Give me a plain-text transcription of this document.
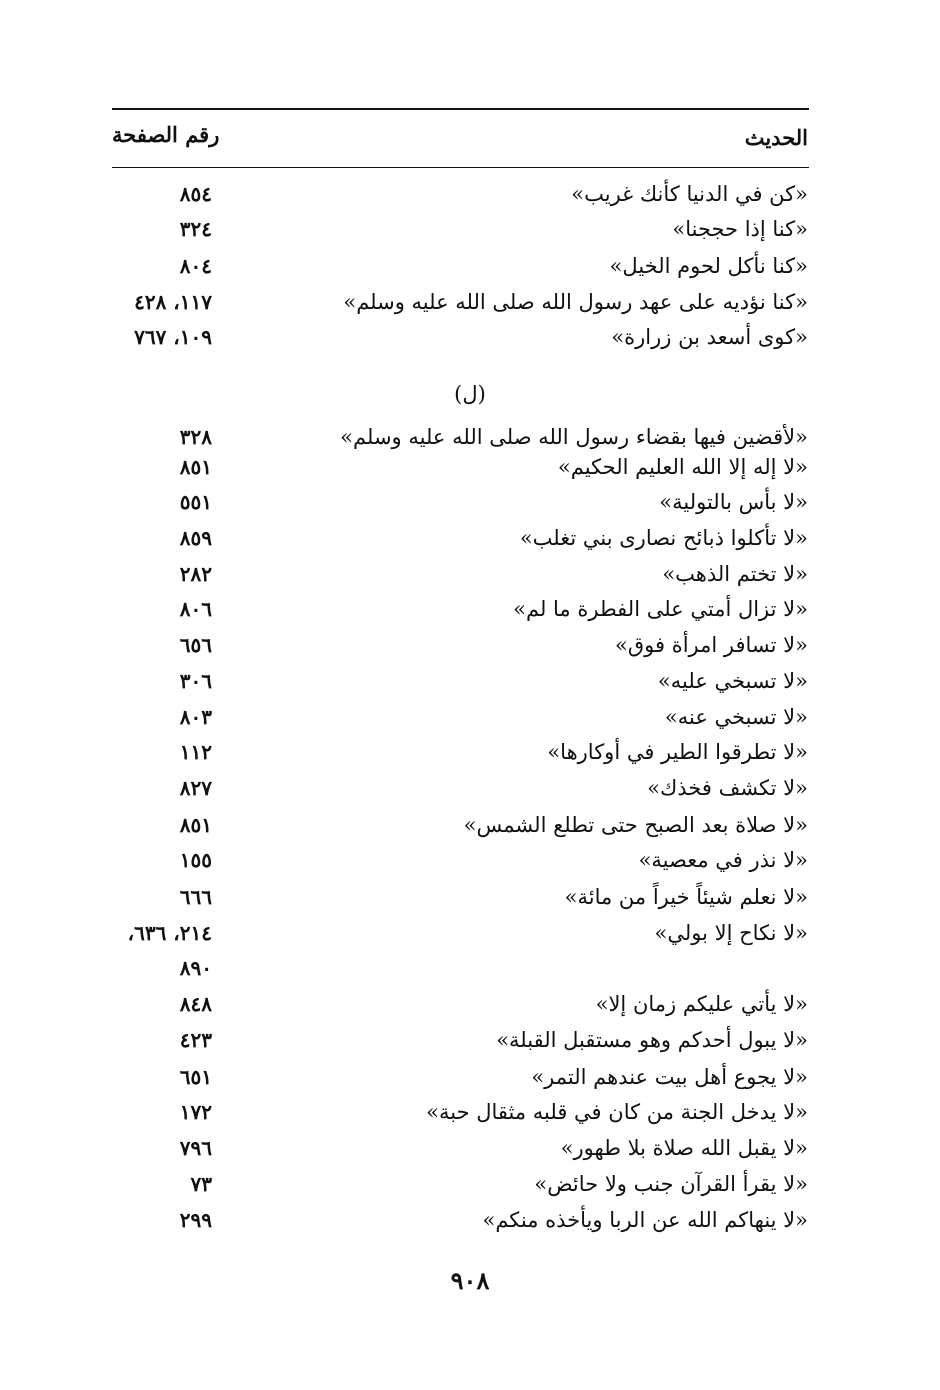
الحديث
رقم الصفحة
«كن في الدنيا كأنك غريب»
٨٥٤
«كنا إذا حججنا»
٣٢٤
«كنا نأكل لحوم الخيل»
٨٠٤
«كنا نؤديه على عهد رسول الله صلى الله عليه وسلم»
١١٧، ٤٢٨
«كوى أسعد بن زرارة»
١٠٩، ٧٦٧
(ل)
«لأقضين فيها بقضاء رسول الله صلى الله عليه وسلم»
٣٢٨
«لا إله إلا الله العليم الحكيم»
٨٥١
«لا بأس بالتولية»
٥٥١
«لا تأكلوا ذبائح نصارى بني تغلب»
٨٥٩
«لا تختم الذهب»
٢٨٢
«لا تزال أمتي على الفطرة ما لم»
٨٠٦
«لا تسافر امرأة فوق»
٦٥٦
«لا تسبخي عليه»
٣٠٦
«لا تسبخي عنه»
٨٠٣
«لا تطرقوا الطير في أوكارها»
١١٢
«لا تكشف فخذك»
٨٢٧
«لا صلاة بعد الصبح حتى تطلع الشمس»
٨٥١
«لا نذر في معصية»
١٥٥
«لا نعلم شيئاً خيراً من مائة»
٦٦٦
«لا نكاح إلا بولي»
٢١٤، ٦٣٦،
٨٩٠
«لا يأتي عليكم زمان إلا»
٨٤٨
«لا يبول أحدكم وهو مستقبل القبلة»
٤٢٣
«لا يجوع أهل بيت عندهم التمر»
٦٥١
«لا يدخل الجنة من كان في قلبه مثقال حبة»
١٧٢
«لا يقبل الله صلاة بلا طهور»
٧٩٦
«لا يقرأ القرآن جنب ولا حائض»
٧٣
«لا ينهاكم الله عن الربا ويأخذه منكم»
٢٩٩
٩٠٨
